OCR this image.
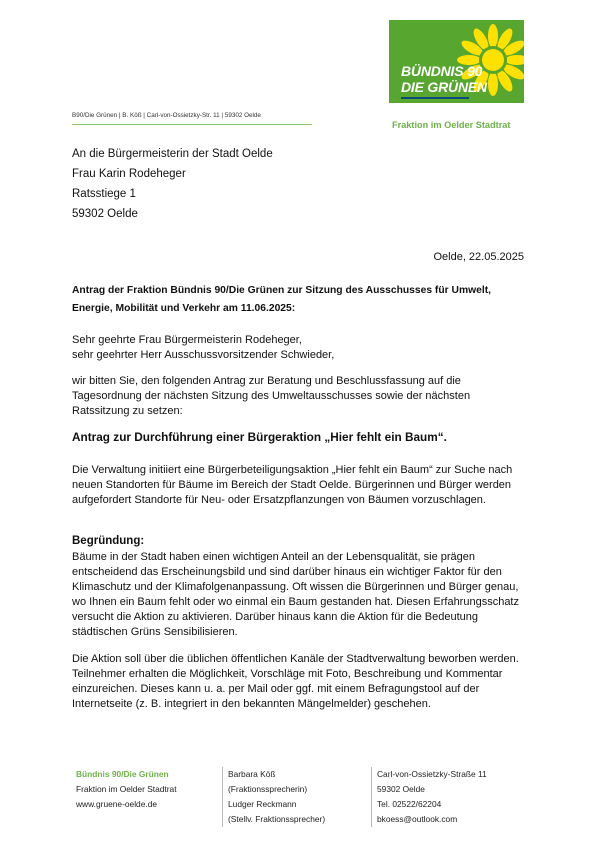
BÜNDNIS 90
DIE GRÜNEN
B90/Die Grünen | B. Köß | Carl-von-Ossietzky-Str. 11 | 59302 Oelde
Fraktion im Oelder Stadtrat
An die Bürgermeisterin der Stadt Oelde
Frau Karin Rodeheger
Ratsstiege 1
59302 Oelde
Oelde, 22.05.2025
Antrag der Fraktion Bündnis 90/Die Grünen zur Sitzung des Ausschusses für Umwelt, Energie, Mobilität und Verkehr am 11.06.2025:
Sehr geehrte Frau Bürgermeisterin Rodeheger,
sehr geehrter Herr Ausschussvorsitzender Schwieder,
wir bitten Sie, den folgenden Antrag zur Beratung und Beschlussfassung auf die Tagesordnung der nächsten Sitzung des Umweltausschusses sowie der nächsten Ratssitzung zu setzen:
Antrag zur Durchführung einer Bürgeraktion „Hier fehlt ein Baum“.
Die Verwaltung initiiert eine Bürgerbeteiligungsaktion „Hier fehlt ein Baum“ zur Suche nach neuen Standorten für Bäume im Bereich der Stadt Oelde. Bürgerinnen und Bürger werden aufgefordert Standorte für Neu- oder Ersatzpflanzungen von Bäumen vorzuschlagen.
Begründung:
Bäume in der Stadt haben einen wichtigen Anteil an der Lebensqualität, sie prägen entscheidend das Erscheinungsbild und sind darüber hinaus ein wichtiger Faktor für den Klimaschutz und der Klimafolgenanpassung. Oft wissen die Bürgerinnen und Bürger genau, wo Ihnen ein Baum fehlt oder wo einmal ein Baum gestanden hat. Diesen Erfahrungsschatz versucht die Aktion zu aktivieren. Darüber hinaus kann die Aktion für die Bedeutung städtischen Grüns Sensibilisieren.
Die Aktion soll über die üblichen öffentlichen Kanäle der Stadtverwaltung beworben werden. Teilnehmer erhalten die Möglichkeit, Vorschläge mit Foto, Beschreibung und Kommentar einzureichen. Dieses kann u. a. per Mail oder ggf. mit einem Befragungstool auf der Internetseite (z. B. integriert in den bekannten Mängelmelder) geschehen.
Bündnis 90/Die Grünen
Fraktion im Oelder Stadtrat
www.gruene-oelde.de
Barbara Köß
(Fraktionssprecherin)
Ludger Reckmann
(Stellv. Fraktionssprecher)
Carl-von-Ossietzky-Straße 11
59302 Oelde
Tel. 02522/62204
bkoess@outlook.com
